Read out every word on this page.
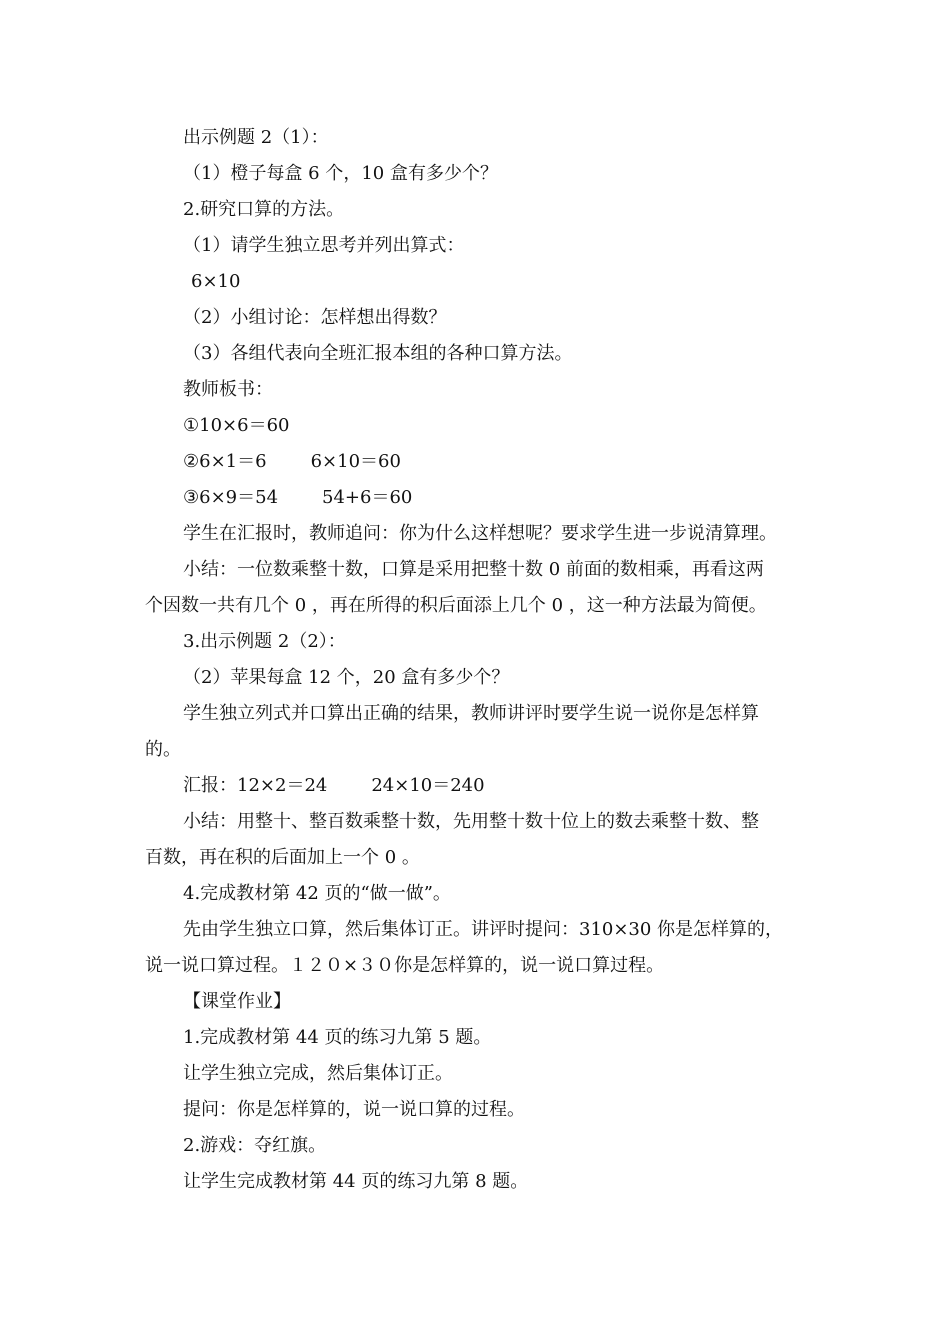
出示例题 2（1）：
（1）橙子每盒 6 个，10 盒有多少个？
2.研究口算的方法。
（1）请学生独立思考并列出算式：
6×10
（2）小组讨论：怎样想出得数？
（3）各组代表向全班汇报本组的各种口算方法。
教师板书：
①10×6＝60
②6×1＝6 6×10＝60
③6×9＝54 54+6＝60
学生在汇报时，教师追问：你为什么这样想呢？要求学生进一步说清算理。
小结：一位数乘整十数，口算是采用把整十数 0 前面的数相乘，再看这两
个因数一共有几个 0 ，再在所得的积后面添上几个 0 ，这一种方法最为简便。
3.出示例题 2（2）：
（2）苹果每盒 12 个，20 盒有多少个？
学生独立列式并口算出正确的结果，教师讲评时要学生说一说你是怎样算
的。
汇报：12×2＝24 24×10＝240
小结：用整十、整百数乘整十数，先用整十数十位上的数去乘整十数、整
百数，再在积的后面加上一个 0 。
4.完成教材第 42 页的“做一做”。
先由学生独立口算，然后集体订正。讲评时提问：310×30 你是怎样算的，
说一说口算过程。１２０×３０你是怎样算的，说一说口算过程。
【课堂作业】
1.完成教材第 44 页的练习九第 5 题。
让学生独立完成，然后集体订正。
提问：你是怎样算的，说一说口算的过程。
2.游戏：夺红旗。
让学生完成教材第 44 页的练习九第 8 题。
